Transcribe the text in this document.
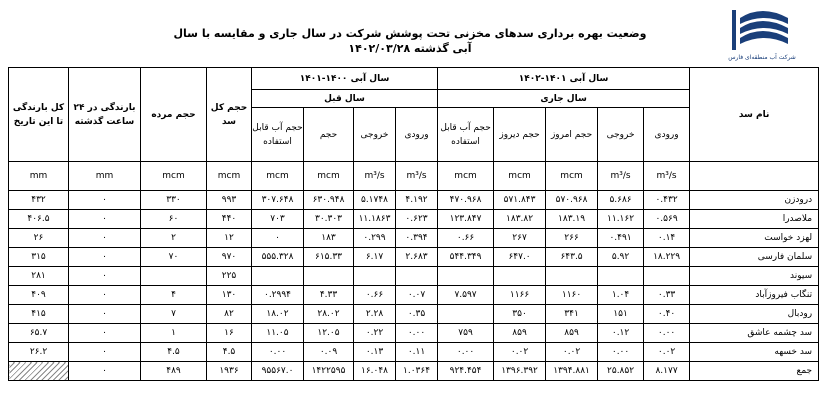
وضعیت بهره برداری سدهای مخزنی تحت پوشش شرکت در سال جاری و مقایسه با سال آبی گذشته ۱۴۰۲/۰۳/۲۸
شرکت آب منطقه‌ای فارس
کل بارندگی تا این تاریخ	بارندگی در ۲۴ ساعت گذشته	حجم مرده	حجم کل سد	سال آبی ۱۴۰۰-۱۴۰۱				سال آبی ۱۴۰۱-۱۴۰۲					نام سد
				سال قبل				سال جاری					
				حجم آب قابل استفاده	حجم	خروجی	ورودی	حجم آب قابل استفاده	حجم دیروز	حجم امروز	خروجی	ورودی	
mm	mm	mcm	mcm	mcm	mcm	m³/s	m³/s	mcm	mcm	mcm	m³/s	m³/s	
۴۳۲	۰	۳۳۰	۹۹۳	۳۰۷.۶۴۸	۶۳۰.۹۴۸	۵.۱۷۴۸	۴.۱۹۲	۴۷۰.۹۶۸	۵۷۱.۸۴۳	۵۷۰.۹۶۸	۵.۶۸۶	۰.۴۳۲	درودزن
۴۰۶.۵	۰	۶۰	۴۴۰	۷۰۳	۳۰.۳۰۳	۱۱.۱۸۶۳	۰.۶۲۳	۱۲۳.۸۴۷	۱۸۳.۸۲	۱۸۳.۱۹	۱۱.۱۶۲	۰.۵۶۹	ملاصدرا
۲۶	۰	۲	۱۲	۰	۱۸۳	۰.۲۹۹	۰.۳۹۴	۰.۶۶	۲۶۷	۲۶۶	۰.۴۹۱	۰.۱۴	لهزد خواست
۳۱۵	۰	۷۰	۹۷۰	۵۵۵.۳۲۸	۶۱۵.۳۳	۶.۱۷	۲.۶۸۳	۵۴۴.۳۴۹	۶۴۷.۰	۶۴۳.۵	۵.۹۲	۱۸.۲۲۹	سلمان فارسی
۲۸۱	۰		۲۲۵										سیوند
۴۰۹	۰	۴	۱۳۰	۰.۲۹۹۴	۴.۳۳	۰.۶۶	۰.۰۷	۷.۵۹۷	۱۱۶۶	۱۱۶۰	۱.۰۴	۰.۳۳	تنگاب فیروزآباد
۴۱۵	۰	۷	۸۲	۱۸.۰۲	۲۸.۰۲	۲.۲۸	۰.۳۵		۳۵۰	۳۴۱	۱۵۱	۰.۴۰	رودبال
۶۵.۷	۰	۱	۱۶	۱۱.۰۵	۱۲.۰۵	۰.۲۲	۰.۰۰	۷۵۹	۸۵۹	۸۵۹	۰.۱۲	۰.۰۰	سد چشمه عاشق
۲۶.۲	۰	۴.۵	۴.۵	۰.۰۰	۰.۰۹	۰.۱۳	۰.۱۱	۰.۰۰	۰.۰۲	۰.۰۲	۰.۰۰	۰.۰۲	سد خسهه
	۰	۴۸۹	۱۹۳۶	۹۵۵۶۷.۰	۱۴۲۲۵۹۵	۱۶.۰۴۸	۱.۰۳۶۴	۹۲۴.۴۵۴	۱۳۹۶.۳۹۲	۱۳۹۴.۸۸۱	۲۵.۸۵۲	۸.۱۷۷	جمع
